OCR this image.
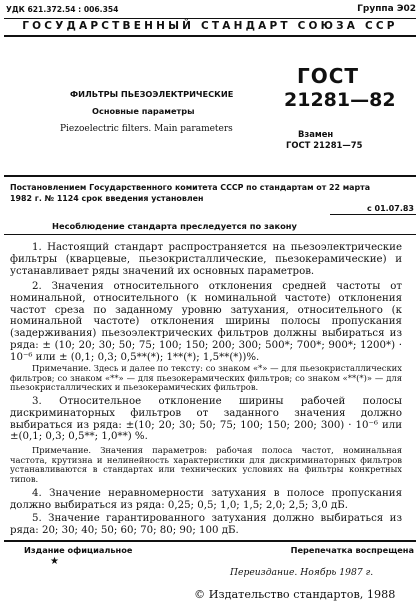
УДК 621.372.54 : 006.354	Группа Э02
ГОСУДАРСТВЕННЫЙ СТАНДАРТ СОЮЗА ССР
ФИЛЬТРЫ ПЬЕЗОЭЛЕКТРИЧЕСКИЕ
Основные параметры
Piezoelectric filters. Main parameters
ГОСТ
21281—82
Взамен
ГОСТ 21281—75
Постановлением Государственного комитета СССР по стандартам от 22 марта
1982 г. № 1124 срок введения установлен
с 01.07.83
Несоблюдение стандарта преследуется по закону
1. Настоящий стандарт распространяется на пьезоэлектрические фильтры (кварцевые, пьезокристаллические, пьезокерамические) и устанавливает ряды значений их основных параметров.
2. Значения относительного отклонения средней частоты от номинальной, относительного (к номинальной частоте) отклонения частот среза по заданному уровню затухания, относительного (к номинальной частоте) отклонения ширины полосы пропускания (задерживания) пьезоэлектрических фильтров должны выбираться из ряда: ± (10; 20; 30; 50; 75; 100; 150; 200; 300; 500*; 700*; 900*; 1200*) · 10⁻⁶ или ± (0,1; 0,3; 0,5**(*); 1**(*); 1,5**(*))%.
Примечание. Здесь и далее по тексту: со знаком «*» — для пьезокристаллических фильтров; со знаком «**» — для пьезокерамических фильтров; со знаком «**(*)» — для пьезокристаллических и пьезокерамических фильтров.
3. Относительное отклонение ширины рабочей полосы дискриминаторных фильтров от заданного значения должно выбираться из ряда: ±(10; 20; 30; 50; 75; 100; 150; 200; 300) · 10⁻⁶ или ±(0,1; 0,3; 0,5**; 1,0**) %.
Примечание. Значения параметров: рабочая полоса частот, номинальная частота, крутизна и нелинейность характеристики для дискриминаторных фильтров устанавливаются в стандартах или технических условиях на фильтры конкретных типов.
4. Значение неравномерности затухания в полосе пропускания должно выбираться из ряда: 0,25; 0,5; 1,0; 1,5; 2,0; 2,5; 3,0 дБ.
5. Значение гарантированного затухания должно выбираться из ряда: 20; 30; 40; 50; 60; 70; 80; 90; 100 дБ.
Издание официальное	Перепечатка воспрещена
★
Переиздание. Ноябрь 1987 г.
© Издательство стандартов, 1988
